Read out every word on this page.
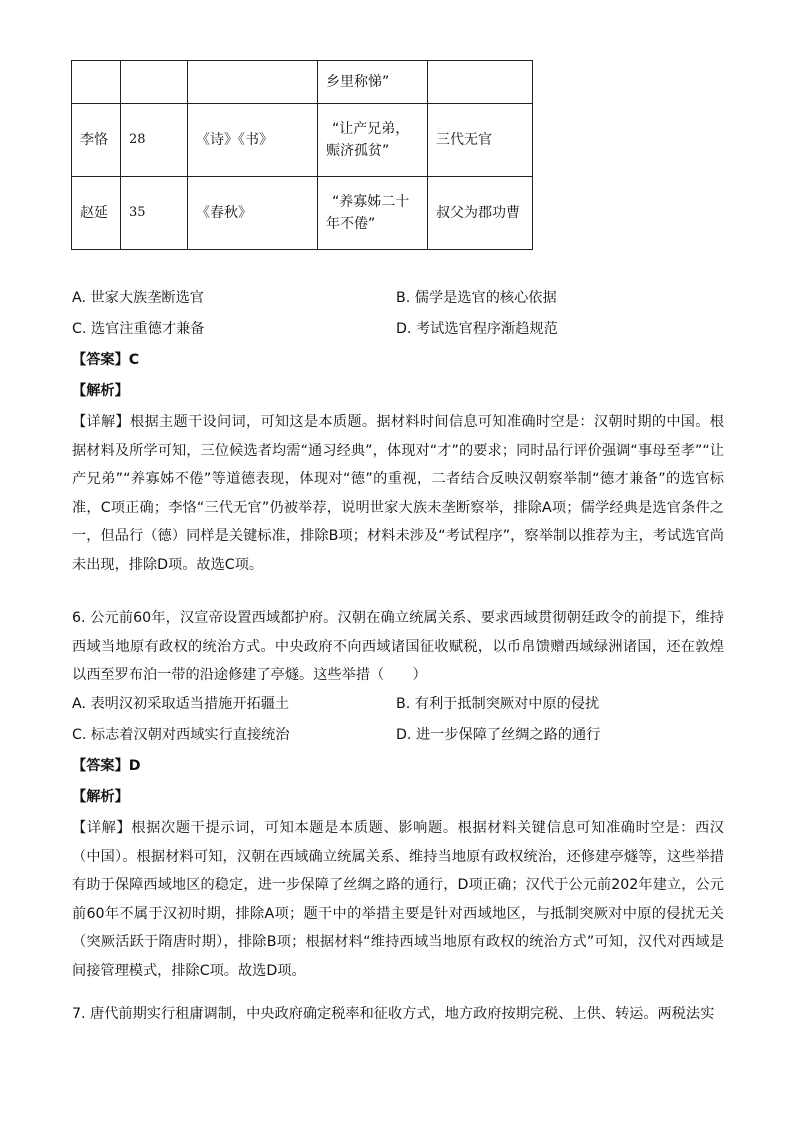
			乡里称悌”	
李恪	28	《诗》《书》	“让产兄弟，
赈济孤贫”	三代无官
赵延	35	《春秋》	“养寡姊二十
年不倦”	叔父为郡功曹
A. 世家大族垄断选官	B. 儒学是选官的核心依据
C. 选官注重德才兼备	D. 考试选官程序渐趋规范
【答案】C
【解析】

【详解】根据主题干设问词，可知这是本质题。据材料时间信息可知准确时空是：汉朝时期的中国。根据材料及所学可知，三位候选者均需“通习经典”，体现对“才”的要求；同时品行评价强调“事母至孝”“让产兄弟”“养寡姊不倦”等道德表现，体现对“德”的重视，二者结合反映汉朝察举制“德才兼备”的选官标准，C项正确；李恪“三代无官”仍被举荐，说明世家大族未垄断察举，排除A项；儒学经典是选官条件之一，但品行（德）同样是关键标准，排除B项；材料未涉及“考试程序”，察举制以推荐为主，考试选官尚未出现，排除D项。故选C项。

6. 公元前60年，汉宣帝设置西域都护府。汉朝在确立统属关系、要求西域贯彻朝廷政令的前提下，维持西域当地原有政权的统治方式。中央政府不向西域诸国征收赋税，以币帛馈赠西域绿洲诸国，还在敦煌以西至罗布泊一带的沿途修建了亭燧。这些举措（　　）

A. 表明汉初采取适当措施开拓疆土	B. 有利于抵制突厥对中原的侵扰
C. 标志着汉朝对西域实行直接统治	D. 进一步保障了丝绸之路的通行
【答案】D
【解析】

【详解】根据次题干提示词，可知本题是本质题、影响题。根据材料关键信息可知准确时空是：西汉（中国）。根据材料可知，汉朝在西域确立统属关系、维持当地原有政权统治，还修建亭燧等，这些举措有助于保障西域地区的稳定，进一步保障了丝绸之路的通行，D项正确；汉代于公元前202年建立，公元前60年不属于汉初时期，排除A项；题干中的举措主要是针对西域地区，与抵制突厥对中原的侵扰无关（突厥活跃于隋唐时期），排除B项；根据材料“维持西域当地原有政权的统治方式”可知，汉代对西域是间接管理模式，排除C项。故选D项。

7. 唐代前期实行租庸调制，中央政府确定税率和征收方式，地方政府按期完税、上供、转运。两税法实
